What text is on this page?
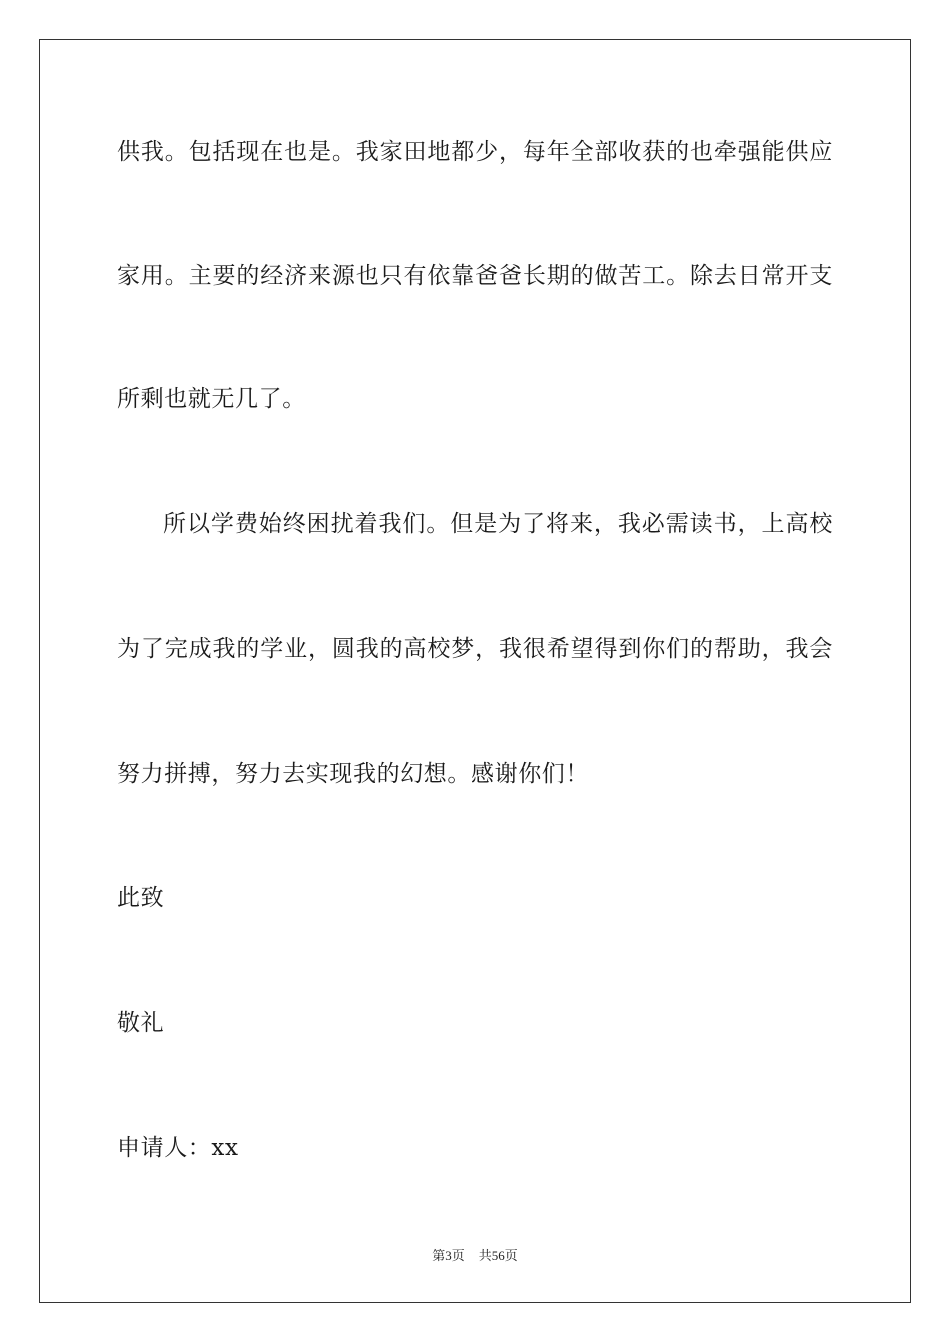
供我。包括现在也是。我家田地都少，每年全部收获的也牵强能供应
家用。主要的经济来源也只有依靠爸爸长期的做苦工。除去日常开支
所剩也就无几了。
所以学费始终困扰着我们。但是为了将来，我必需读书，上高校
为了完成我的学业，圆我的高校梦，我很希望得到你们的帮助，我会
努力拼搏，努力去实现我的幻想。感谢你们！
此致
敬礼
申请人：xx
第3页 共56页
